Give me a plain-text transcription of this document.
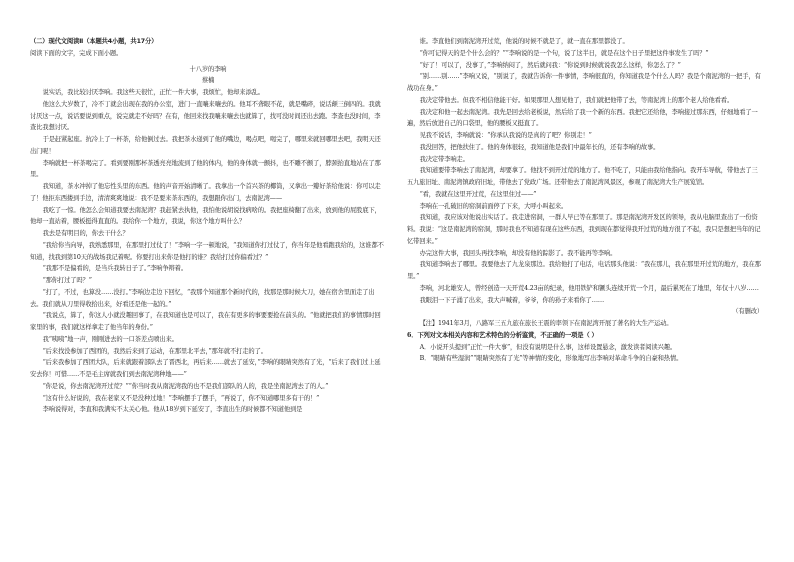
（二）现代文阅读Ⅱ（本题共4小题，共17分）

阅读下面的文字，完成下面小题。

十八岁的李响

蔡楠

说实话，我比较讨厌李响。我这些天很忙，正忙一件大事，我烦忙，他却来添乱。

他这么大岁数了，冷不丁就会出现在我的办公室，进门一直嚷来嚷去的。他耳不聋眼不花，就是嘴碎，说话颠三倒四的。我就讨厌这一点，说话要说到重点，说完就走不好吗？在有，他回来找我嚷来嚷去也就算了，找可没时间还出去跑。李查也没时间，李查比我想讨厌。

于是赶紧起座。抗冷上了一杯茶，给他倒过去。我把茶水递到了他的嘴边，喝点吧，喝完了，哪里来就回哪里去吧，我明天还出门呢！

李响就把一杯茶喝完了。看到要刚那杯茶透亮亮地流到了他的体内，他的身体就一颤抖，也不雕不颤了，脖颈抬直地站在了那里。

我知道，茶水冲掉了他忘性头里的东西。他的声音开始清晰了。我拿出一个首兴茶的椰筒，又拿出一瓣好茶给他说：你可以走了！他拒东西搂到手边，清清爽爽地说：我不是要来茶东西的，我想跟你出门，去南泥湾——

我吃了一惊。他怎么会知道我要去南泥湾？我赶紧去执他，我怕他说胡说找病啥的。我把座椅翻了出来，放到他的屁股底下，他却一直站着，腰板挺得直直的。我给你一个地方，我说，你这个地方叫什么？

我去是有明目的，你去干什么？

“我给你当向导，我熟悉那里，在那里打过仗了！”李响一字一顿地说，“我知道你打过仗了，你当年是他看跑我给的，这谁都不知道，找我到第10天的战场我记着呢。你要打出来你是他打的谁？我给打过你偏看过？”

“我那不是偏看的，是当兵我转日子了。”李响争辩着。

“那你打过了吗？”

“打了，不过，也算没……没打。”李响边走边下回忆，“我那个知道那个新时代的，找那是那时候大刀，她在宿舍里面走了出去。我们就从刀里得收拾出来，好看还是他一起的。”

“我说点，算了，你这人小就没趣回事了，在我知道也是可以了，我在有更多的事要要抢在前头的。“他就把我们的事情那时回家里的事，我们就这样拿走了他当年的身份。”

我“咦咦”地一声，刚刚进去的一口茶差点喷出来。

“后来找没参加了西团的，我然后来到了运动，在那里北平去，”那年就不打走的了。

“后来我参加了西团大队，后来就跟着部队去了晋西北，再后来……就去了延安，”李响的眼睛突然有了光，“后来了我们过上延安去你！可惜……不是毛主席就我们到去南泥湾种地——”

“你是说，你去南泥湾开过荒？”“你当时我从南泥湾我的也不是我们部队的人的，我是坐南泥湾去了的人。”

“这有什么好说的，我在老家又不是没种过地！”李响摆手了摆手，“再说了，你不知道哪里多有干的！”

李响说得对，李直和我满实不太关心他。他从18岁到下延安了，李直出生的时候都不知道他到是

谁。李直他们到南泥湾开过荒，他说的时候不就是了，就一直在那里都没了。

“你可记得天的是个什么会的？”“李响说的是一个句，说了这半日，就是在这个日子里把这件事发生了吗？”

“好了！可以了，没事了，”李响纳闷了，然后就问我：“你说到时候就说我怎么这样，你怎么了？”

“别……别……”李响又说，“别说了，我就告诉你一件事情，李响很直的，你知道我是个什么人吗？我是个南泥湾的一把手，有战功在身。”

我决定带他去。但我不相信他能干好。如果那里人想见他了，我们就把他带了去，等南泥湾上的那个老人给他看看。

我决定和他一起去南泥湾。我先是回去给老板说，然后给了我一个新的东西。我把它还给他，李响接过那东西，仔细地看了一遍，然后放进自己的口袋里，他的腰板又挺直了。

见我不说话，李响就说：“你承认我说的是真的了吧？你别走！”

我没回答，把他扶住了。他的身体很轻，我知道他是我们中最年长的，还有李响的故事。

我决定带李响走。

我知道要带李响去了南泥湾，却要拿了。他找不到开过荒的地方了。他不吃了，只能由我给他指向。我开车导航，带他去了三五九旅旧址、南泥湾镇政府旧址，带他去了党政广场。还带他去了南泥湾风景区，参观了南泥湾大生产展览馆。

“看，我就在这里开过荒，在这里住过——”

李响在一孔破旧的窑洞前面停了下来，大呼小叫起来。

我知道，我应该对他说出实话了。我走进窑洞，一群人早已等在那里了。那是南泥湾开发区的领导，我从电脑里查出了一份资料。我说：“这是南泥湾的窑洞，那时我也不知道有现在这些东西，我到现在都觉得我开过荒的地方很了不起，我只是想把当年的记忆带回来。”

办完这件大事，我回头再找李响，却没有他的踪影了。我不能再等李响。

我知道李响去了哪里。我要他去了九龙泉那边。我给他打了电话，电话那头他说：“我在那儿，我在那里开过荒的地方，我在那里。”

李响，河北雄安人，曾经创造一天开荒4.23亩的纪录，他用铁铲和镢头连续开荒一个月，最后累死在了地里，年仅十八岁……

我眼泪一下子涌了出来，我大声喊着，爷爷，你的孙子来看你了……

（有删改）

【注】1941年3月，八路军三五九旅在旅长王震的率领下在南泥湾开展了著名的大生产运动。

6．下列对文本相关内容和艺术特色的分析鉴赏，不正确的一项是（ ）

A．小说开头提到“正忙一件大事”，但没有说明是什么事，这样设置悬念，激发读者阅读兴趣。

B．“眼睛有些湿润”“眼睛突然有了光”等神情的变化，形象地写出李响对革命斗争的自豪和热情。
